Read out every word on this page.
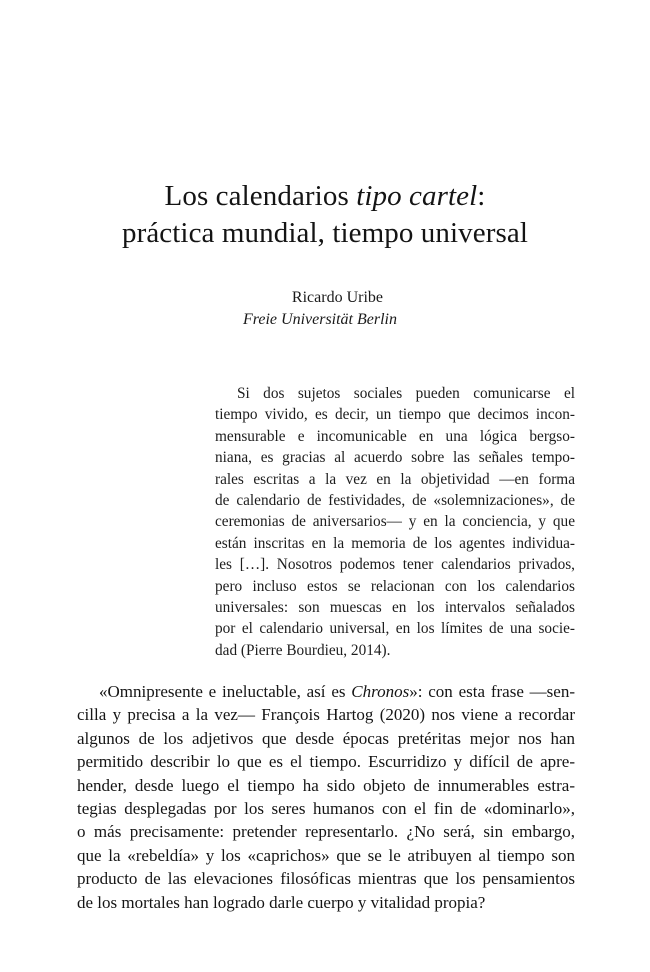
Los calendarios tipo cartel:
práctica mundial, tiempo universal
Ricardo Uribe
Freie Universität Berlin
Si dos sujetos sociales pueden comunicarse el
tiempo vivido, es decir, un tiempo que decimos incon-
mensurable e incomunicable en una lógica bergso-
niana, es gracias al acuerdo sobre las señales tempo-
rales escritas a la vez en la objetividad —en forma
de calendario de festividades, de «solemnizaciones», de
ceremonias de aniversarios— y en la conciencia, y que
están inscritas en la memoria de los agentes individua-
les […]. Nosotros podemos tener calendarios privados,
pero incluso estos se relacionan con los calendarios
universales: son muescas en los intervalos señalados
por el calendario universal, en los límites de una socie-
dad (Pierre Bourdieu, 2014).
«Omnipresente e ineluctable, así es Chronos»: con esta frase —sen-
cilla y precisa a la vez— François Hartog (2020) nos viene a recordar
algunos de los adjetivos que desde épocas pretéritas mejor nos han
permitido describir lo que es el tiempo. Escurridizo y difícil de apre-
hender, desde luego el tiempo ha sido objeto de innumerables estra-
tegias desplegadas por los seres humanos con el fin de «dominarlo»,
o más precisamente: pretender representarlo. ¿No será, sin embargo,
que la «rebeldía» y los «caprichos» que se le atribuyen al tiempo son
producto de las elevaciones filosóficas mientras que los pensamientos
de los mortales han logrado darle cuerpo y vitalidad propia?
